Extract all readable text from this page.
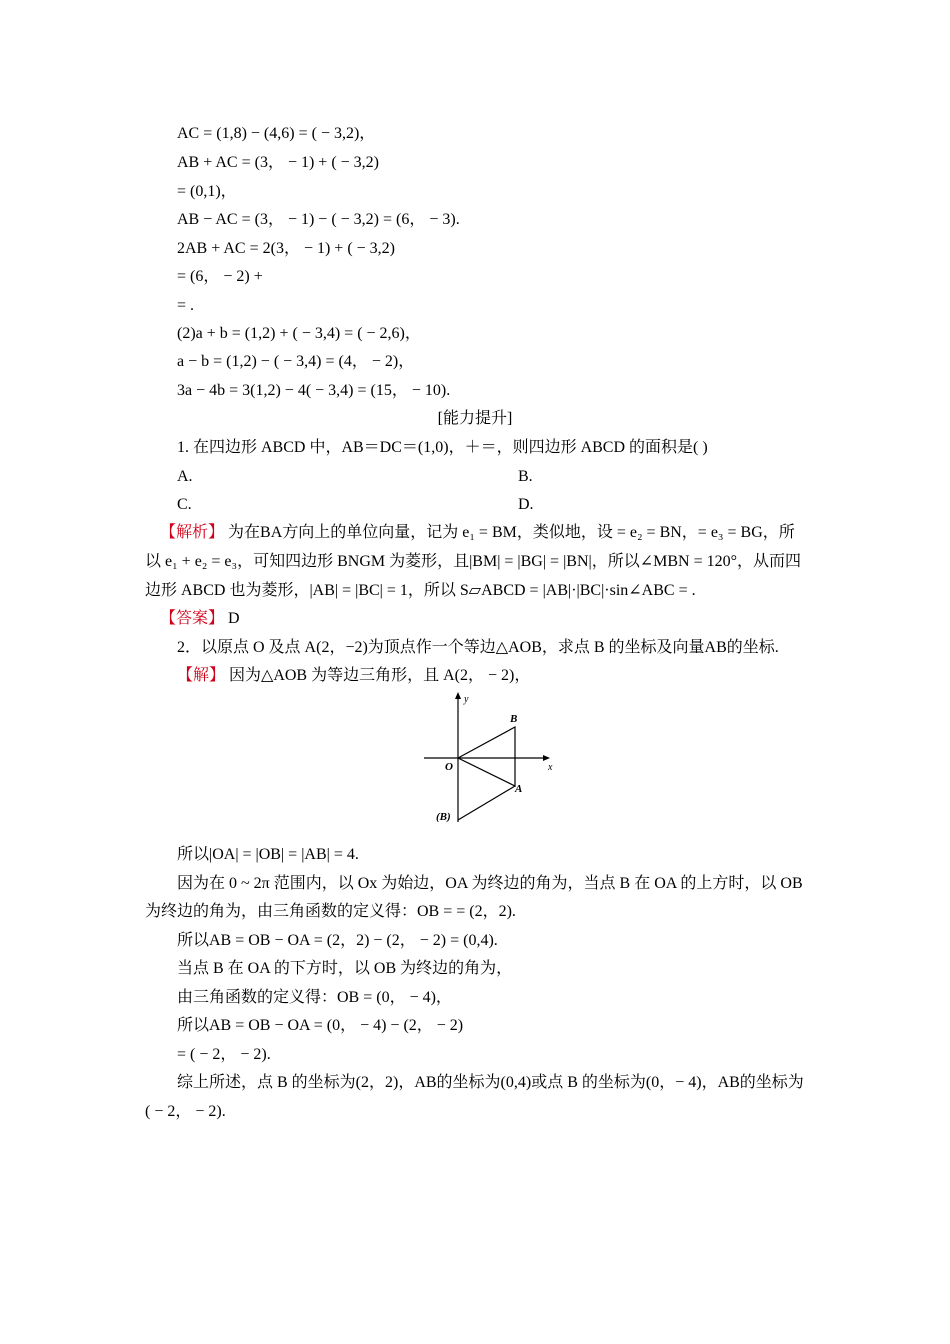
AC = (1,8) − (4,6) = ( − 3,2)，
AB + AC = (3， − 1) + ( − 3,2)
= (0,1)，
AB − AC = (3， − 1) − ( − 3,2) = (6， − 3).
2AB + AC = 2(3， − 1) + ( − 3,2)
= (6， − 2) +
= .
(2)a + b = (1,2) + ( − 3,4) = ( − 2,6)，
a − b = (1,2) − ( − 3,4) = (4， − 2)，
3a − 4b = 3(1,2) − 4( − 3,4) = (15， − 10).
[能力提升]
1. 在四边形 ABCD 中，AB＝DC＝(1,0)，＋＝，则四边形 ABCD 的面积是( )
A.	B.
C.	D.
【解析】 为在BA方向上的单位向量，记为 e₁ = BM，类似地，设 = e₂ = BN，= e₃ = BG，所
以 e₁ + e₂ = e₃，可知四边形 BNGM 为菱形，且|BM| = |BG| = |BN|，所以∠MBN = 120°，从而四
边形 ABCD 也为菱形，|AB| = |BC| = 1，所以 S▱ABCD = |AB|·|BC|·sin∠ABC = .
【答案】 D
2．以原点 O 及点 A(2，−2)为顶点作一个等边△AOB，求点 B 的坐标及向量AB的坐标.
【解】 因为△AOB 为等边三角形，且 A(2， − 2)，
y
x
O
B
A
(B)
所以|OA| = |OB| = |AB| = 4.
因为在 0 ~ 2π 范围内，以 Ox 为始边，OA 为终边的角为，当点 B 在 OA 的上方时，以 OB
为终边的角为，由三角函数的定义得：OB = = (2，2).
所以AB = OB − OA = (2，2) − (2， − 2) = (0,4).
当点 B 在 OA 的下方时，以 OB 为终边的角为，
由三角函数的定义得：OB = (0， − 4)，
所以AB = OB − OA = (0， − 4) − (2， − 2)
= ( − 2， − 2).
综上所述，点 B 的坐标为(2，2)，AB的坐标为(0,4)或点 B 的坐标为(0，− 4)，AB的坐标为
( − 2， − 2).
